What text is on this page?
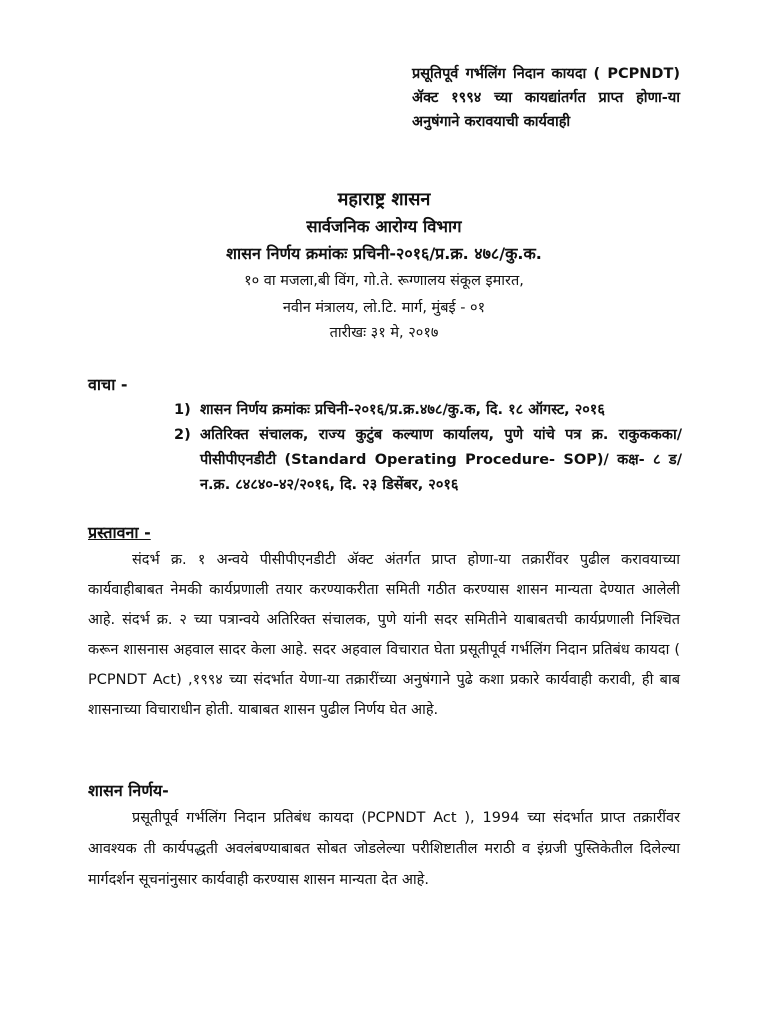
प्रसूतिपूर्व गर्भलिंग निदान कायदा ( PCPNDT) ॲक्ट १९९४ च्या कायद्यांतर्गत प्राप्त होणा-या अनुषंगाने करावयाची कार्यवाही
महाराष्ट्र शासन
सार्वजनिक आरोग्य विभाग
शासन निर्णय क्रमांकः प्रचिनी-२०१६/प्र.क्र. ४७८/कु.क.
१० वा मजला,बी विंग, गो.ते. रूग्णालय संकूल इमारत,
नवीन मंत्रालय, लो.टि. मार्ग, मुंबई - ०१
तारीखः ३१ मे, २०१७
वाचा -
1) शासन निर्णय क्रमांकः प्रचिनी-२०१६/प्र.क्र.४७८/कु.क, दि. १८ ऑगस्ट, २०१६
2) अतिरिक्त संचालक, राज्य कुटुंब कल्याण कार्यालय, पुणे यांचे पत्र क्र. राकुककका/पीसीपीएनडीटी (Standard Operating Procedure- SOP)/ कक्ष- ८ ड/न.क्र. ८४८४०-४२/२०१६, दि. २३ डिसेंबर, २०१६
प्रस्तावना -
संदर्भ क्र. १ अन्वये पीसीपीएनडीटी ॲक्ट अंतर्गत प्राप्त होणा-या तक्रारींवर पुढील करावयाच्या कार्यवाहीबाबत नेमकी कार्यप्रणाली तयार करण्याकरीता समिती गठीत करण्यास शासन मान्यता देण्यात आलेली आहे. संदर्भ क्र. २ च्या पत्रान्वये अतिरिक्त संचालक, पुणे यांनी सदर समितीने याबाबतची कार्यप्रणाली निश्चित करून शासनास अहवाल सादर केला आहे. सदर अहवाल विचारात घेता प्रसूतीपूर्व गर्भलिंग निदान प्रतिबंध कायदा ( PCPNDT Act) ,१९९४ च्या संदर्भात येणा-या तक्रारींच्या अनुषंगाने पुढे कशा प्रकारे कार्यवाही करावी, ही बाब शासनाच्या विचाराधीन होती. याबाबत शासन पुढील निर्णय घेत आहे.
शासन निर्णय-
प्रसूतीपूर्व गर्भलिंग निदान प्रतिबंध कायदा (PCPNDT Act ), 1994 च्या संदर्भात प्राप्त तक्रारींवर आवश्यक ती कार्यपद्धती अवलंबण्याबाबत सोबत जोडलेल्या परीशिष्टातील मराठी व इंग्रजी पुस्तिकेतील दिलेल्या मार्गदर्शन सूचनांनुसार कार्यवाही करण्यास शासन मान्यता देत आहे.
